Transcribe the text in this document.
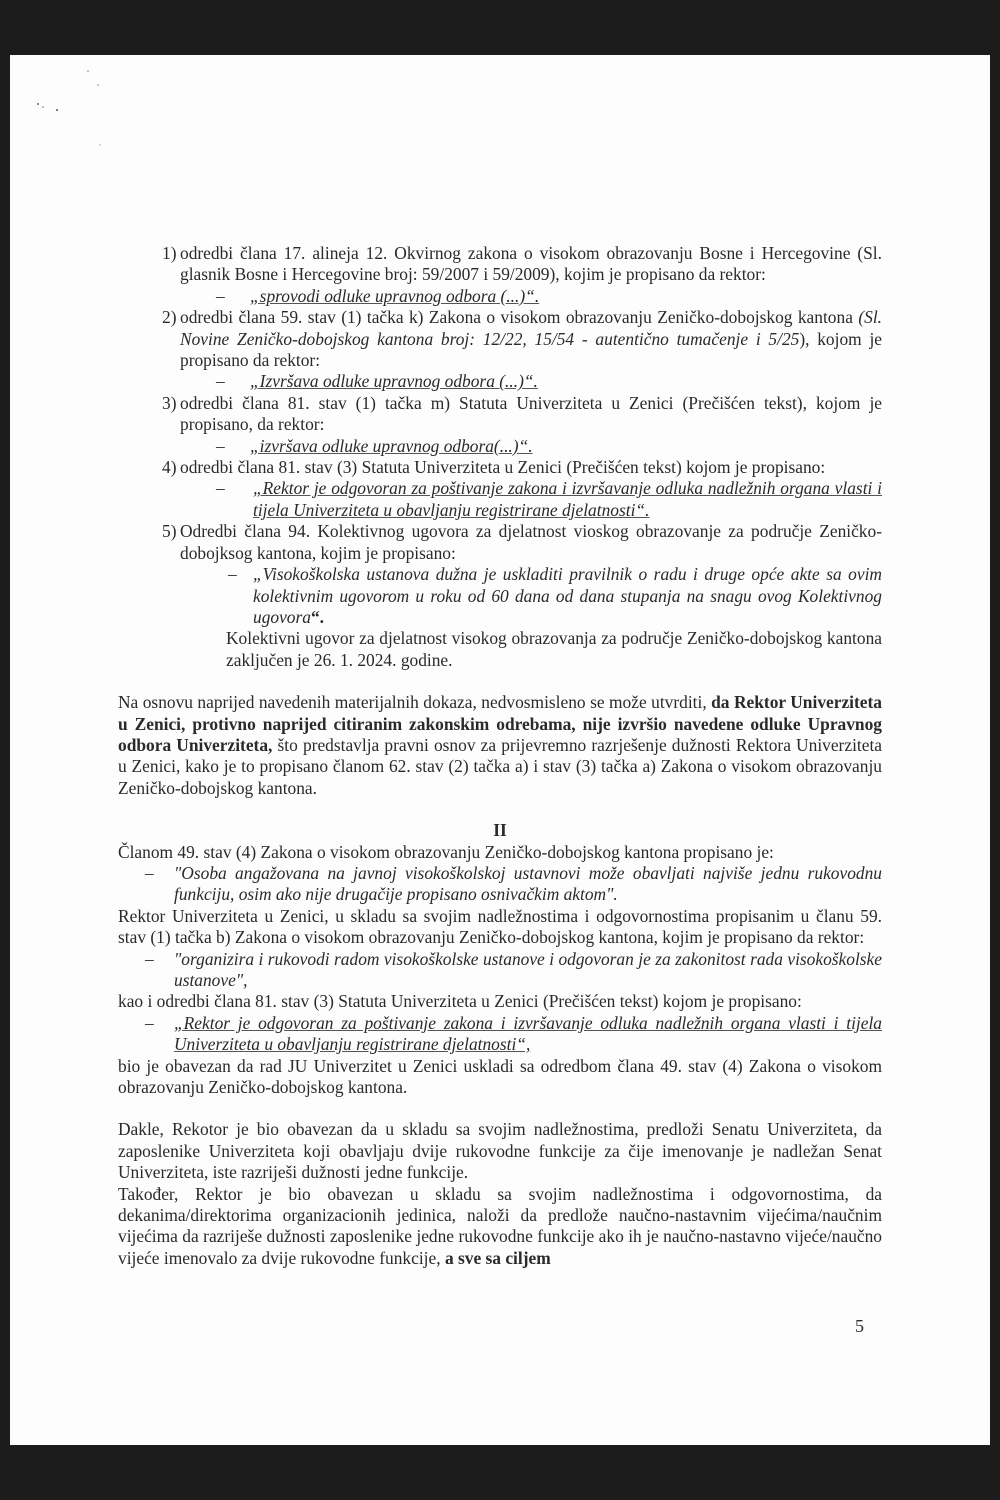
1) odredbi člana 17. alineja 12. Okvirnog zakona o visokom obrazovanju Bosne i Hercegovine (Sl. glasnik Bosne i Hercegovine broj: 59/2007 i 59/2009), kojim je propisano da rektor:
– „sprovodi odluke upravnog odbora (...)“.
2) odredbi člana 59. stav (1) tačka k) Zakona o visokom obrazovanju Zeničko-dobojskog kantona (Sl. Novine Zeničko-dobojskog kantona broj: 12/22, 15/54 - autentično tumačenje i 5/25), kojom je propisano da rektor:
– „Izvršava odluke upravnog odbora (...)“.
3) odredbi člana 81. stav (1) tačka m) Statuta Univerziteta u Zenici (Prečišćen tekst), kojom je propisano, da rektor:
– „izvršava odluke upravnog odbora(...)“.
4) odredbi člana 81. stav (3) Statuta Univerziteta u Zenici (Prečišćen tekst) kojom je propisano:
– „Rektor je odgovoran za poštivanje zakona i izvršavanje odluka nadležnih organa vlasti i tijela Univerziteta u obavljanju registrirane djelatnosti“.
5) Odredbi člana 94. Kolektivnog ugovora za djelatnost vioskog obrazovanje za područje Zeničko-dobojksog kantona, kojim je propisano:
– „Visokoškolska ustanova dužna je uskladiti pravilnik o radu i druge opće akte sa ovim kolektivnim ugovorom u roku od 60 dana od dana stupanja na snagu ovog Kolektivnog ugovora“.
Kolektivni ugovor za djelatnost visokog obrazovanja za područje Zeničko-dobojskog kantona zaključen je 26. 1. 2024. godine.

Na osnovu naprijed navedenih materijalnih dokaza, nedvosmisleno se može utvrditi, da Rektor Univerziteta u Zenici, protivno naprijed citiranim zakonskim odrebama, nije izvršio navedene odluke Upravnog odbora Univerziteta, što predstavlja pravni osnov za prijevremno razrješenje dužnosti Rektora Univerziteta u Zenici, kako je to propisano članom 62. stav (2) tačka a) i stav (3) tačka a) Zakona o visokom obrazovanju Zeničko-dobojskog kantona.

II

Članom 49. stav (4) Zakona o visokom obrazovanju Zeničko-dobojskog kantona propisano je:

– "Osoba angažovana na javnoj visokoškolskoj ustavnovi može obavljati najviše jednu rukovodnu funkciju, osim ako nije drugačije propisano osnivačkim aktom".

Rektor Univerziteta u Zenici, u skladu sa svojim nadležnostima i odgovornostima propisanim u članu 59. stav (1) tačka b) Zakona o visokom obrazovanju Zeničko-dobojskog kantona, kojim je propisano da rektor:

– "organizira i rukovodi radom visokoškolske ustanove i odgovoran je za zakonitost rada visokoškolske ustanove",

kao i odredbi člana 81. stav (3) Statuta Univerziteta u Zenici (Prečišćen tekst) kojom je propisano:

– „Rektor je odgovoran za poštivanje zakona i izvršavanje odluka nadležnih organa vlasti i tijela Univerziteta u obavljanju registrirane djelatnosti“,

bio je obavezan da rad JU Univerzitet u Zenici uskladi sa odredbom člana 49. stav (4) Zakona o visokom obrazovanju Zeničko-dobojskog kantona.

Dakle, Rekotor je bio obavezan da u skladu sa svojim nadležnostima, predloži Senatu Univerziteta, da zaposlenike Univerziteta koji obavljaju dvije rukovodne funkcije za čije imenovanje je nadležan Senat Univerziteta, iste razriješi dužnosti jedne funkcije.

Također, Rektor je bio obavezan u skladu sa svojim nadležnostima i odgovornostima, da dekanima/direktorima organizacionih jedinica, naloži da predlože naučno-nastavnim vijećima/naučnim vijećima da razriješe dužnosti zaposlenike jedne rukovodne funkcije ako ih je naučno-nastavno vijeće/naučno vijeće imenovalo za dvije rukovodne funkcije, a sve sa ciljem

5
